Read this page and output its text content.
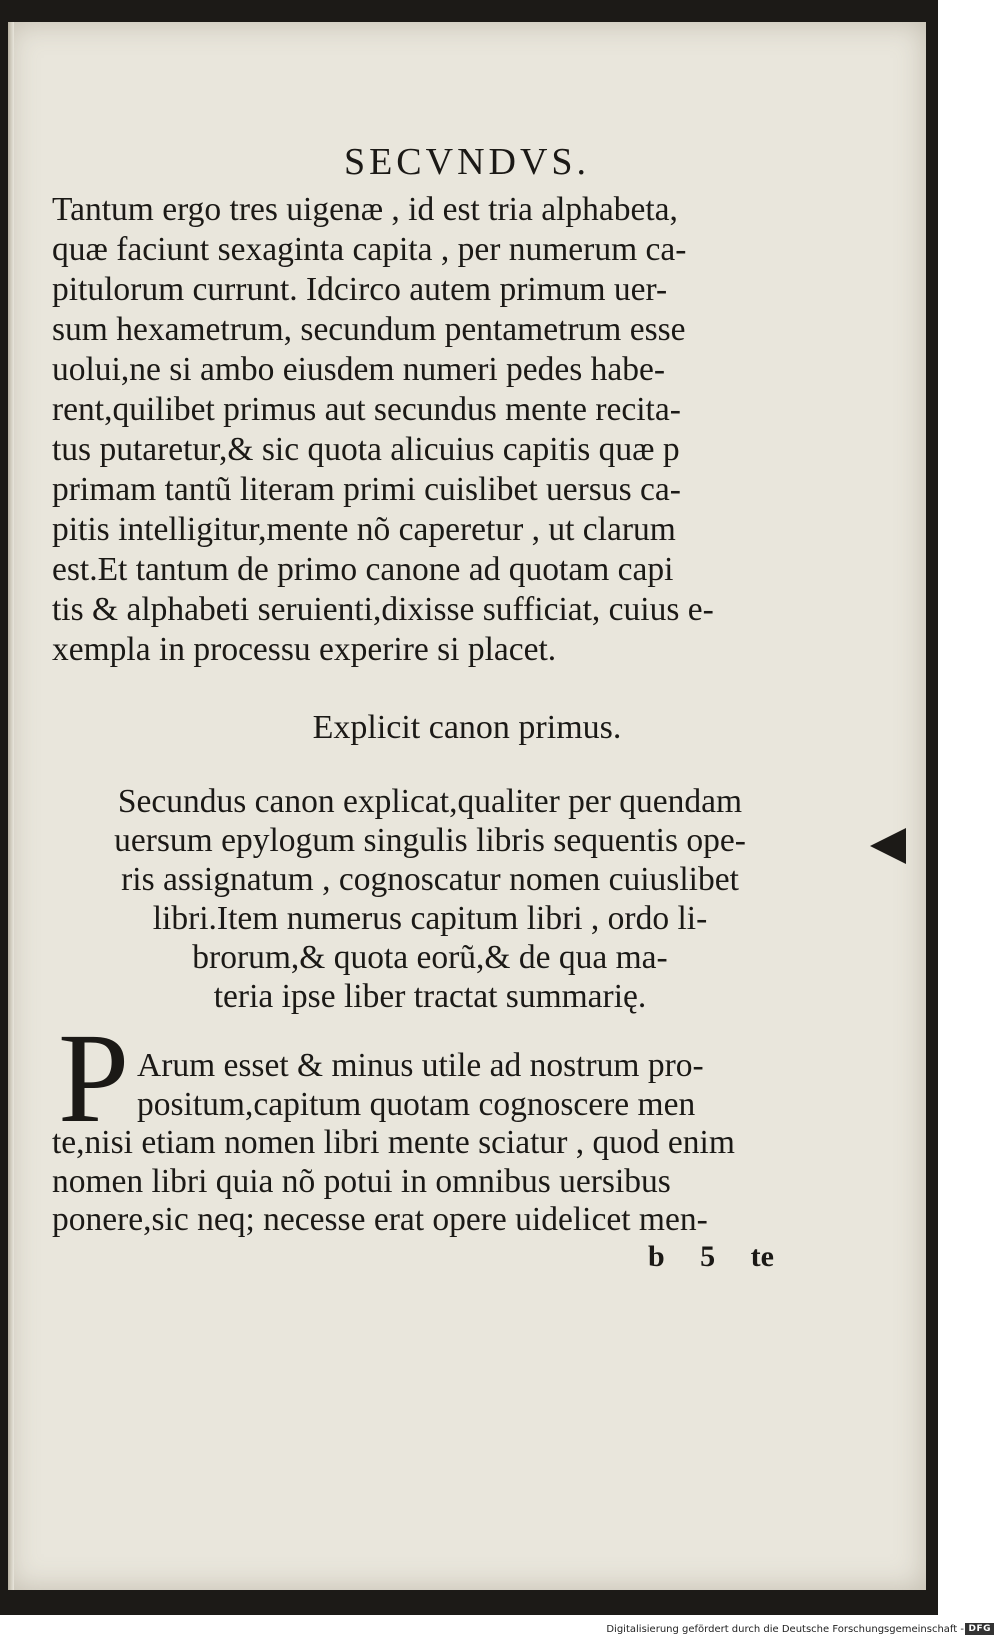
SECVNDVS.
Tantum ergo tres uigenæ , id est tria alphabeta,
quæ faciunt sexaginta capita , per numerum ca-
pitulorum currunt. Idcirco autem primum uer-
sum hexametrum, secundum pentametrum esse
uolui,ne si ambo eiusdem numeri pedes habe-
rent,quilibet primus aut secundus mente recita-
tus putaretur,& sic quota alicuius capitis quæ p
primam tantũ literam primi cuislibet uersus ca-
pitis intelligitur,mente nõ caperetur , ut clarum
est.Et tantum de primo canone ad quotam capi
tis & alphabeti seruienti,dixisse sufficiat, cuius e-
xempla in processu experire si placet.
Explicit canon primus.
Secundus canon explicat,qualiter per quendam
uersum epylogum singulis libris sequentis ope-
ris assignatum , cognoscatur nomen cuiuslibet
libri.Item numerus capitum libri , ordo li-
brorum,& quota eorũ,& de qua ma-
teria ipse liber tractat summarię.
P Arum esset & minus utile ad nostrum pro-
positum,capitum quotam cognoscere men
te,nisi etiam nomen libri mente sciatur , quod enim
nomen libri quia nõ potui in omnibus uersibus
ponere,sic neq; necesse erat opere uidelicet men-
b 5 te
Digitalisierung gefördert durch die Deutsche Forschungsgemeinschaft - DFG
